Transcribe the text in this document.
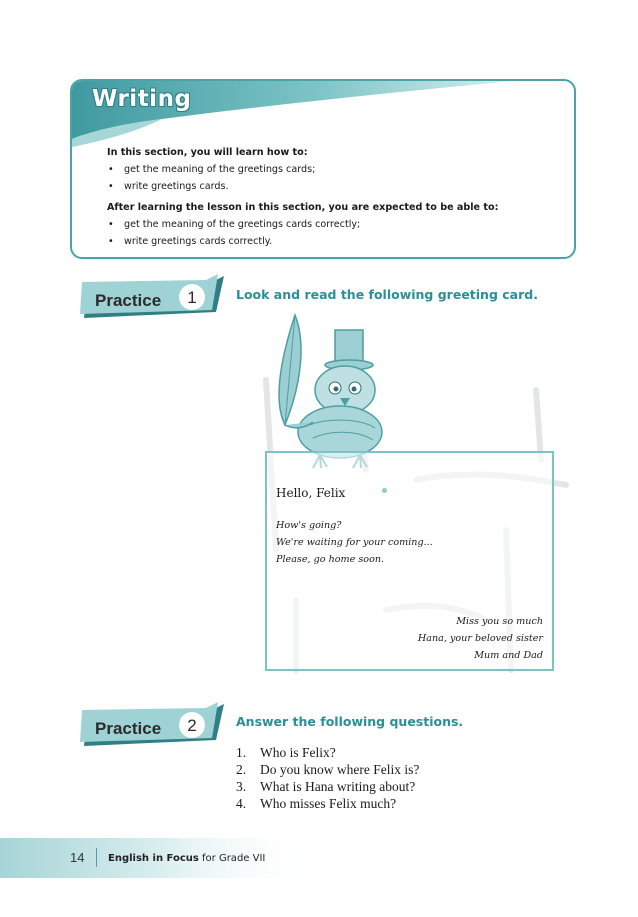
Writing
In this section, you will learn how to:
• get the meaning of the greetings cards;
• write greetings cards.
After learning the lesson in this section, you are expected to be able to:
• get the meaning of the greetings cards correctly;
• write greetings cards correctly.
Practice	1	Look and read the following greeting card.
Hello, Felix
How's going?
We're waiting for your coming...
Please, go home soon.
Miss you so much
Hana, your beloved sister
Mum and Dad
Practice	2	Answer the following questions.
1.	Who is Felix?
2.	Do you know where Felix is?
3.	What is Hana writing about?
4.	Who misses Felix much?
14 English in Focus for Grade VII
